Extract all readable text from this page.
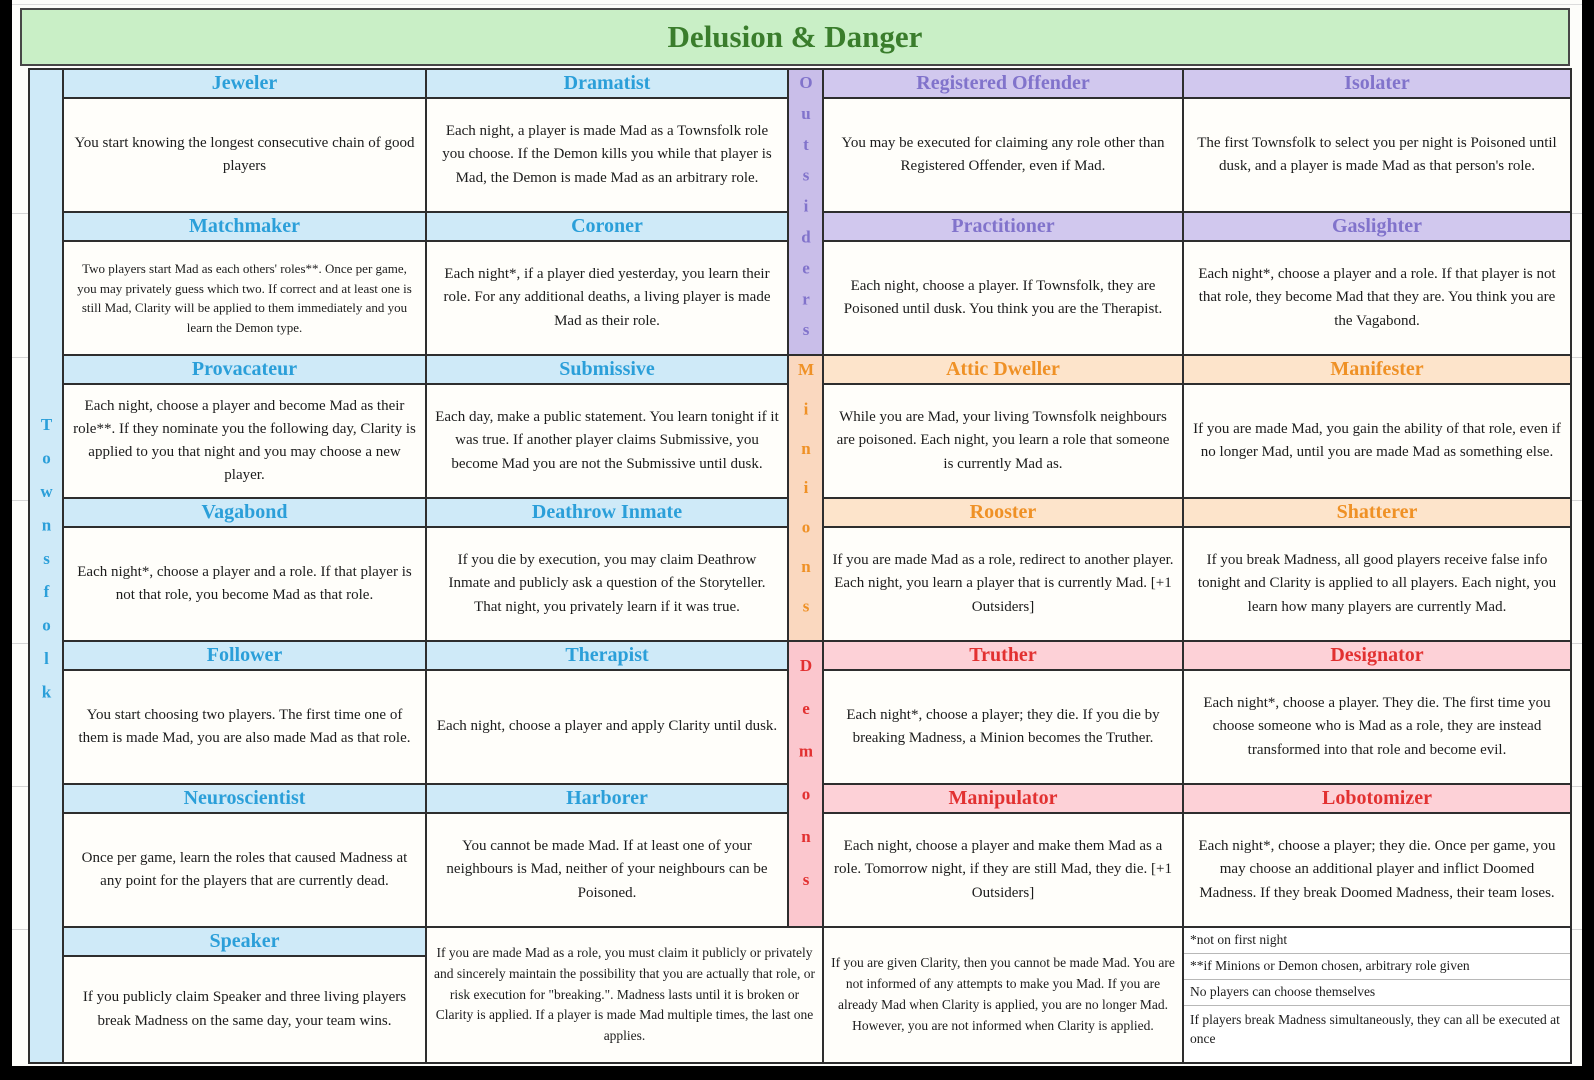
Delusion & Danger
Townsfolk
Outsiders
Minions
Demons
Jeweler	Dramatist	Registered Offender	Isolater
You start knowing the longest consecutive chain of good players
Each night, a player is made Mad as a Townsfolk role you choose. If the Demon kills you while that player is Mad, the Demon is made Mad as an arbitrary role.
You may be executed for claiming any role other than Registered Offender, even if Mad.
The first Townsfolk to select you per night is Poisoned until dusk, and a player is made Mad as that person's role.
Matchmaker	Coroner	Practitioner	Gaslighter
Two players start Mad as each others' roles**. Once per game, you may privately guess which two. If correct and at least one is still Mad, Clarity will be applied to them immediately and you learn the Demon type.
Each night*, if a player died yesterday, you learn their role. For any additional deaths, a living player is made Mad as their role.
Each night, choose a player. If Townsfolk, they are Poisoned until dusk. You think you are the Therapist.
Each night*, choose a player and a role. If that player is not that role, they become Mad that they are. You think you are the Vagabond.
Provacateur	Submissive	Attic Dweller	Manifester
Each night, choose a player and become Mad as their role**. If they nominate you the following day, Clarity is applied to you that night and you may choose a new player.
Each day, make a public statement. You learn tonight if it was true. If another player claims Submissive, you become Mad you are not the Submissive until dusk.
While you are Mad, your living Townsfolk neighbours are poisoned. Each night, you learn a role that someone is currently Mad as.
If you are made Mad, you gain the ability of that role, even if no longer Mad, until you are made Mad as something else.
Vagabond	Deathrow Inmate	Rooster	Shatterer
Each night*, choose a player and a role. If that player is not that role, you become Mad as that role.
If you die by execution, you may claim Deathrow Inmate and publicly ask a question of the Storyteller. That night, you privately learn if it was true.
If you are made Mad as a role, redirect to another player. Each night, you learn a player that is currently Mad. [+1 Outsiders]
If you break Madness, all good players receive false info tonight and Clarity is applied to all players. Each night, you learn how many players are currently Mad.
Follower	Therapist	Truther	Designator
You start choosing two players. The first time one of them is made Mad, you are also made Mad as that role.
Each night, choose a player and apply Clarity until dusk.
Each night*, choose a player; they die. If you die by breaking Madness, a Minion becomes the Truther.
Each night*, choose a player. They die. The first time you choose someone who is Mad as a role, they are instead transformed into that role and become evil.
Neuroscientist	Harborer	Manipulator	Lobotomizer
Once per game, learn the roles that caused Madness at any point for the players that are currently dead.
You cannot be made Mad. If at least one of your neighbours is Mad, neither of your neighbours can be Poisoned.
Each night, choose a player and make them Mad as a role. Tomorrow night, if they are still Mad, they die. [+1 Outsiders]
Each night*, choose a player; they die. Once per game, you may choose an additional player and inflict Doomed Madness. If they break Doomed Madness, their team loses.
Speaker
If you publicly claim Speaker and three living players break Madness on the same day, your team wins.
If you are made Mad as a role, you must claim it publicly or privately and sincerely maintain the possibility that you are actually that role, or risk execution for "breaking.". Madness lasts until it is broken or Clarity is applied. If a player is made Mad multiple times, the last one applies.
If you are given Clarity, then you cannot be made Mad. You are not informed of any attempts to make you Mad. If you are already Mad when Clarity is applied, you are no longer Mad. However, you are not informed when Clarity is applied.
*not on first night
**if Minions or Demon chosen, arbitrary role given
No players can choose themselves
If players break Madness simultaneously, they can all be executed at once
